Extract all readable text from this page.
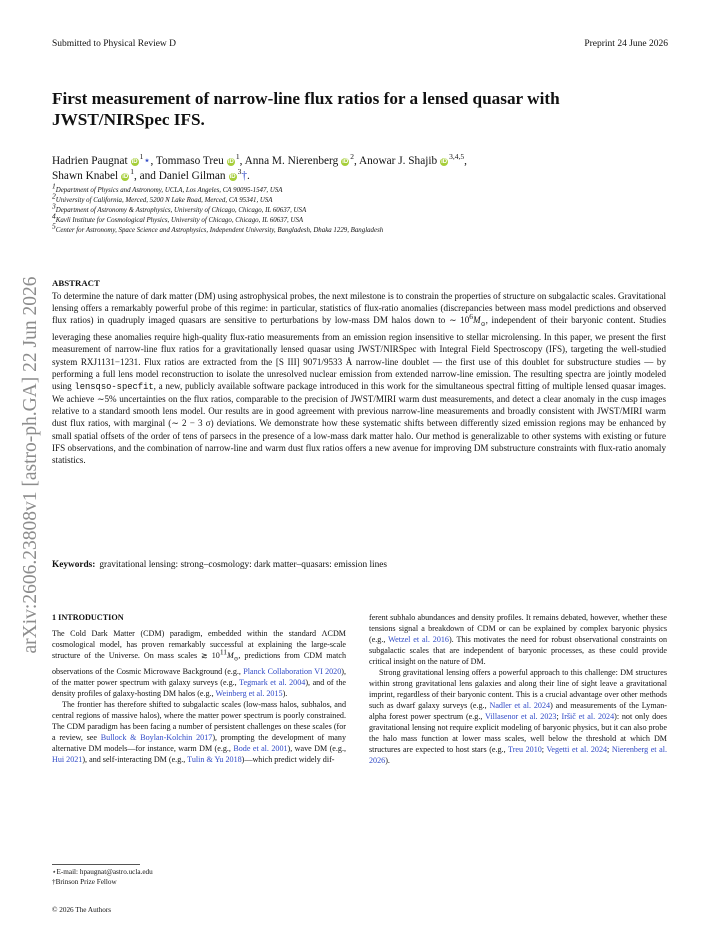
Submitted to Physical Review D	Preprint 24 June 2026
arXiv:2606.23808v1 [astro-ph.GA] 22 Jun 2026
First measurement of narrow-line flux ratios for a lensed quasar with JWST/NIRSpec IFS.
Hadrien Paugnat $iD^1⋆$, Tommaso Treu $iD^1$, Anna M. Nierenberg $iD^2$, Anowar J. Shajib iD$^{3,4,5}$,
Shawn Knabel $iD^1$, and Daniel Gilman $iD^3\dagger$.
$^1$Department of Physics and Astronomy, UCLA, Los Angeles, CA 90095-1547, USA
$^2$University of California, Merced, 5200 N Lake Road, Merced, CA 95341, USA
$^3$Department of Astronomy & Astrophysics, University of Chicago, Chicago, IL 60637, USA
$^4$Kavli Institute for Cosmological Physics, University of Chicago, Chicago, IL 60637, USA
$^5$Center for Astronomy, Space Science and Astrophysics, Independent University, Bangladesh, Dhaka 1229, Bangladesh
ABSTRACT

To determine the nature of dark matter (DM) using astrophysical probes, the next milestone is to constrain the properties of structure on subgalactic scales. Gravitational lensing offers a remarkably powerful probe of this regime: in particular, statistics of flux-ratio anomalies (discrepancies between mass model predictions and observed flux ratios) in quadruply imaged quasars are sensitive to perturbations by low-mass DM halos down to ∼ $10^6M_⊙$, independent of their baryonic content. Studies leveraging these anomalies require high-quality flux-ratio measurements from an emission region insensitive to stellar microlensing. In this paper, we present the first measurement of narrow-line flux ratios for a gravitationally lensed quasar using JWST/NIRSpec with Integral Field Spectroscopy (IFS), targeting the well-studied system RXJ1131−1231. Flux ratios are extracted from the [S III] 9071/9533 Å narrow-line doublet — the first use of this doublet for substructure studies — by performing a full lens model reconstruction to isolate the unresolved nuclear emission from extended narrow-line emission. The resulting spectra are jointly modeled using lensqso-specfit, a new, publicly available software package introduced in this work for the simultaneous spectral fitting of multiple lensed quasar images. We achieve ∼5% uncertainties on the flux ratios, comparable to the precision of JWST/MIRI warm dust measurements, and detect a clear anomaly in the cusp images relative to a standard smooth lens model. Our results are in good agreement with previous narrow-line measurements and broadly consistent with JWST/MIRI warm dust flux ratios, with marginal (∼ 2 − 3 σ) deviations. We demonstrate how these systematic shifts between differently sized emission regions may be enhanced by small spatial offsets of the order of tens of parsecs in the presence of a low-mass dark matter halo. Our method is generalizable to other systems with existing or future IFS observations, and the combination of narrow-line and warm dust flux ratios offers a new avenue for improving DM substructure constraints with flux-ratio anomaly statistics.

Keywords: gravitational lensing: strong–cosmology: dark matter–quasars: emission lines
1 INTRODUCTION

The Cold Dark Matter (CDM) paradigm, embedded within the standard ΛCDM cosmological model, has proven remarkably successful at explaining the large-scale structure of the Universe. On mass scales ≳ $10^{11}M_⊙$, predictions from CDM match observations of the Cosmic Microwave Background (e.g., Planck Collaboration VI 2020), of the matter power spectrum with galaxy surveys (e.g., Tegmark et al. 2004), and of the density profiles of galaxy-hosting DM halos (e.g., Weinberg et al. 2015).

The frontier has therefore shifted to subgalactic scales (low-mass halos, subhalos, and central regions of massive halos), where the matter power spectrum is poorly constrained. The CDM paradigm has been facing a number of persistent challenges on these scales (for a review, see Bullock & Boylan-Kolchin 2017), prompting the development of many alternative DM models—for instance, warm DM (e.g., Bode et al. 2001), wave DM (e.g., Hui 2021), and self-interacting DM (e.g., Tulin & Yu 2018)—which predict widely dif-

ferent subhalo abundances and density profiles. It remains debated, however, whether these tensions signal a breakdown of CDM or can be explained by complex baryonic physics (e.g., Wetzel et al. 2016). This motivates the need for robust observational constraints on subgalactic scales that are independent of baryonic processes, as these could provide critical insight on the nature of DM.

Strong gravitational lensing offers a powerful approach to this challenge: DM structures within strong gravitational lens galaxies and along their line of sight leave a gravitational imprint, regardless of their baryonic content. This is a crucial advantage over other methods such as dwarf galaxy surveys (e.g., Nadler et al. 2024) and measurements of the Lyman-alpha forest power spectrum (e.g., Villasenor et al. 2023; Iršič et al. 2024): not only does gravitational lensing not require explicit modeling of baryonic physics, but it can also probe the halo mass function at lower mass scales, well below the threshold at which DM structures are expected to host stars (e.g., Treu 2010; Vegetti et al. 2024; Nierenberg et al. 2026).

⋆E-mail: hpaugnat@astro.ucla.edu
†Brinson Prize Fellow
© 2026 The Authors
